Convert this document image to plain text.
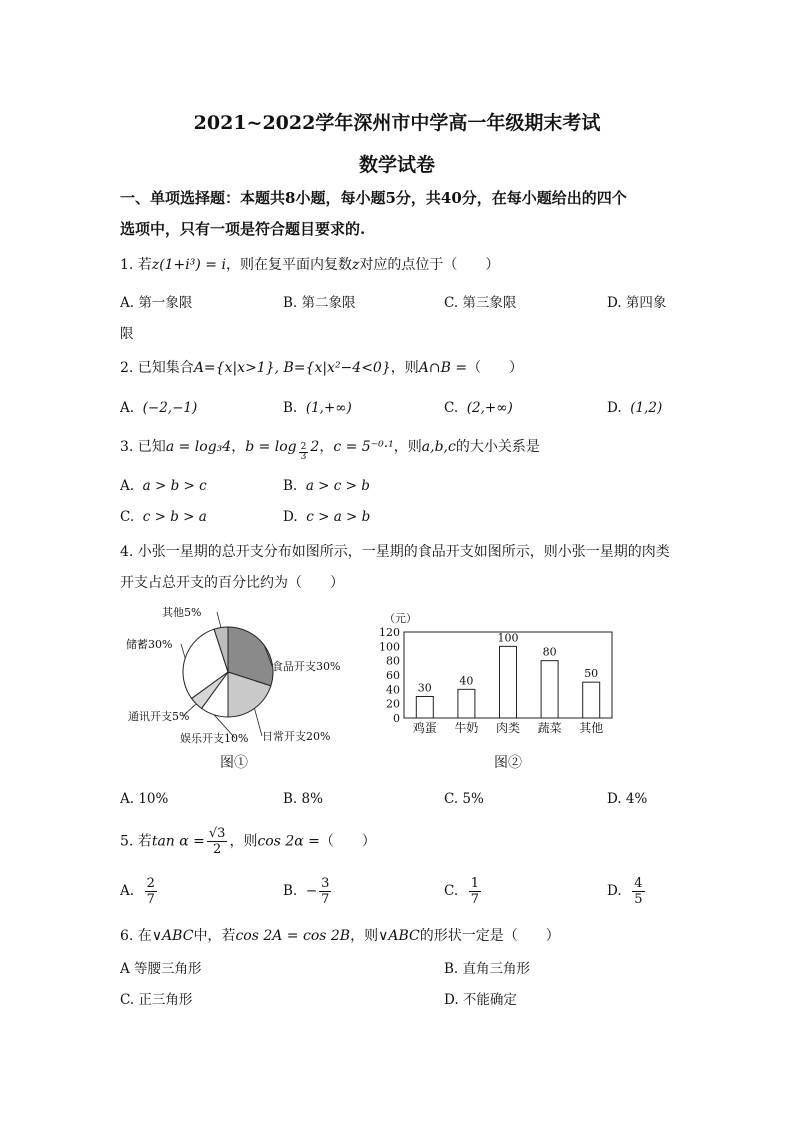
2021~2022学年深州市中学高一年级期末考试
数学试卷
一、单项选择题：本题共8小题，每小题5分，共40分，在每小题给出的四个
选项中，只有一项是符合题目要求的.
1. 若z(1+i³) = i，则在复平面内复数z对应的点位于（　　）
A. 第一象限	B. 第二象限	C. 第三象限	D. 第四象
限
2. 已知集合A={x|x>1}, B={x|x²−4<0}，则A∩B =（　　）
A. (−2,−1)	B. (1,+∞)	C. (2,+∞)	D. (1,2)
3. 已知a = log₃4，$b = \log \frac{2}{3} 2$，c = 5⁻⁰·¹，则a,b,c的大小关系是
A. a > b > c	B. a > c > b
C. c > b > a	D. c > a > b
4. 小张一星期的总开支分布如图所示，一星期的食品开支如图所示，则小张一星期的肉类
开支占总开支的百分比约为（　　）
食品开支30%
日常开支20%
娱乐开支10%
通讯开支5%
储蓄30%
其他5%	（元）
0
20
40
60
80
100
120
30
鸡蛋
40
牛奶
100
肉类
80
蔬菜
50
其他
图①	图②
A. 10%	B. 8%	C. 5%	D. 4%
5. 若$\tan \alpha = \frac{√3}{2}$ ，则cos 2α =（　　）
A. $\frac{2}{7}$	B. − $\frac{3}{7}$	C. $\frac{1}{7}$	D. $\frac{4}{5}$
6. 在∨ABC中，若cos 2A = cos 2B，则∨ABC的形状一定是（　　）
A 等腰三角形	B. 直角三角形
C. 正三角形	D. 不能确定
